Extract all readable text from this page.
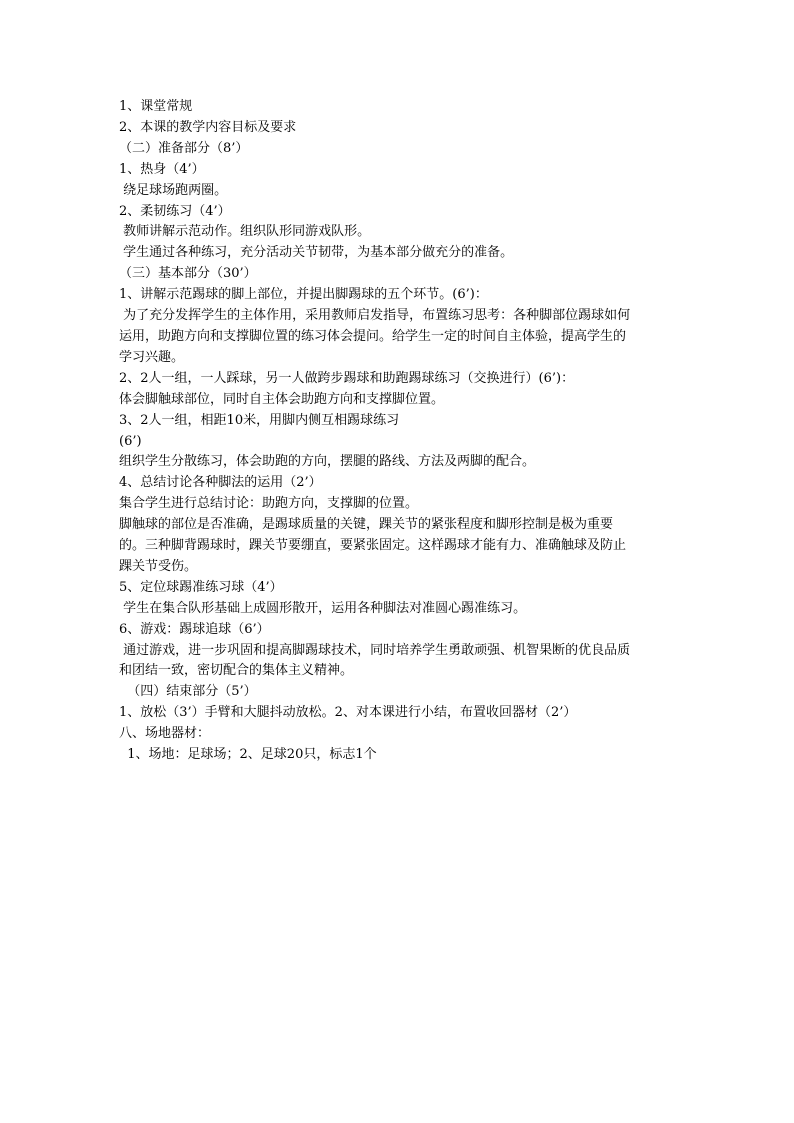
1、课堂常规

2、本课的教学内容目标及要求

（二）准备部分（8’）

1、热身（4’）

绕足球场跑两圈。

2、柔韧练习（4’）

教师讲解示范动作。组织队形同游戏队形。

学生通过各种练习，充分活动关节韧带，为基本部分做充分的准备。

（三）基本部分（30’）

1、讲解示范踢球的脚上部位，并提出脚踢球的五个环节。(6’)：

为了充分发挥学生的主体作用，采用教师启发指导，布置练习思考：各种脚部位踢球如何

运用，助跑方向和支撑脚位置的练习体会提问。给学生一定的时间自主体验，提高学生的

学习兴趣。

2、2人一组，一人踩球，另一人做跨步踢球和助跑踢球练习（交换进行）(6’)：

体会脚触球部位，同时自主体会助跑方向和支撑脚位置。

3、2人一组，相距10米，用脚内侧互相踢球练习

(6’)

组织学生分散练习，体会助跑的方向，摆腿的路线、方法及两脚的配合。

4、总结讨论各种脚法的运用（2’）

集合学生进行总结讨论：助跑方向，支撑脚的位置。

脚触球的部位是否准确，是踢球质量的关键，踝关节的紧张程度和脚形控制是极为重要

的。三种脚背踢球时，踝关节要绷直，要紧张固定。这样踢球才能有力、准确触球及防止

踝关节受伤。

5、定位球踢准练习球（4’）

学生在集合队形基础上成圆形散开，运用各种脚法对准圆心踢准练习。

6、游戏：踢球追球（6’）

通过游戏，进一步巩固和提高脚踢球技术，同时培养学生勇敢顽强、机智果断的优良品质

和团结一致，密切配合的集体主义精神。

（四）结束部分（5’）

1、放松（3’）手臂和大腿抖动放松。2、对本课进行小结，布置收回器材（2’）

八、场地器材：

1、场地：足球场；2、足球20只，标志1个
